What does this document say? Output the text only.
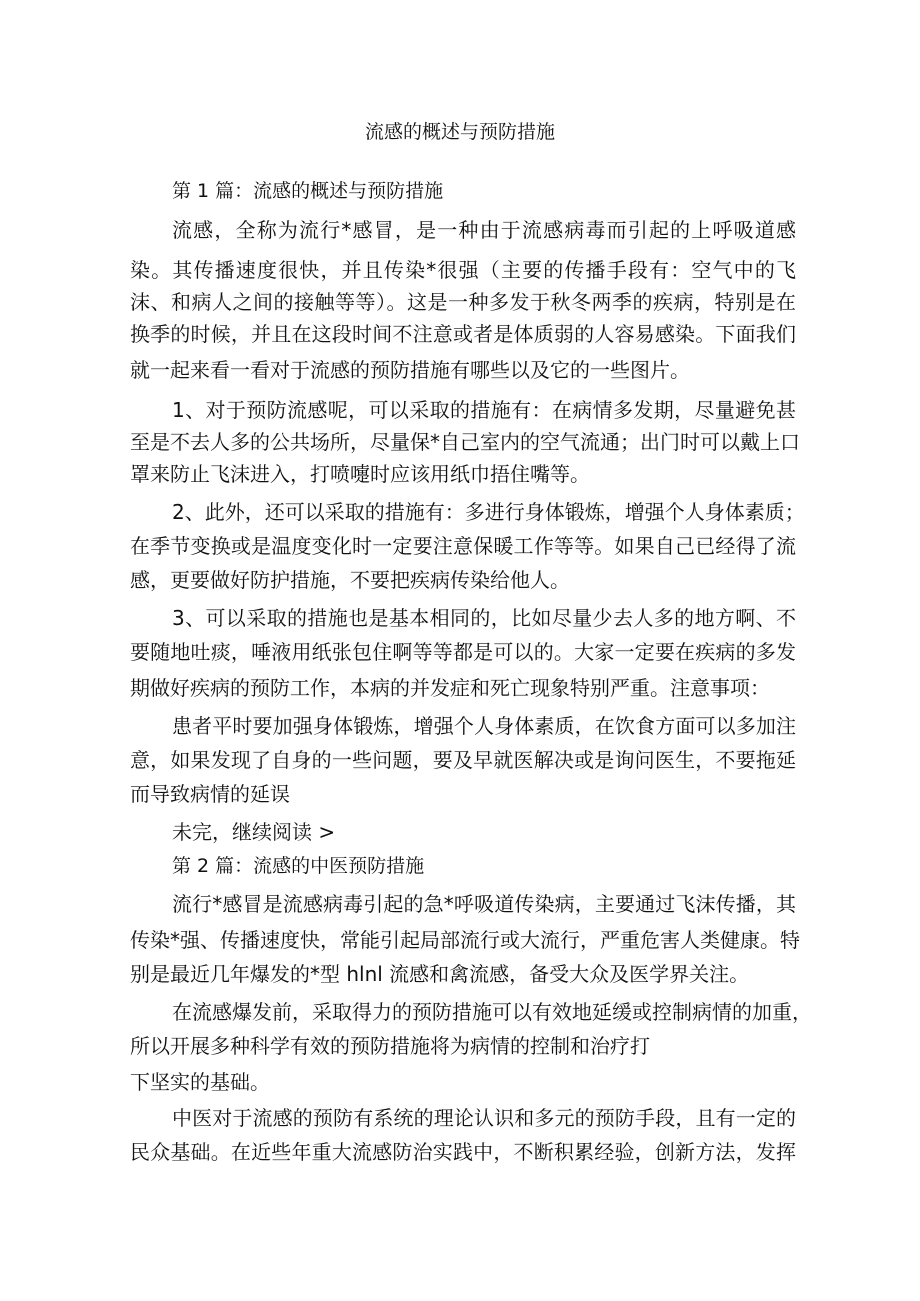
流感的概述与预防措施
第 1 篇：流感的概述与预防措施
流感，全称为流行*感冒，是一种由于流感病毒而引起的上呼吸道感
染。其传播速度很快，并且传染*很强（主要的传播手段有：空气中的飞
沫、和病人之间的接触等等）。这是一种多发于秋冬两季的疾病，特别是在
换季的时候，并且在这段时间不注意或者是体质弱的人容易感染。下面我们
就一起来看一看对于流感的预防措施有哪些以及它的一些图片。
1、对于预防流感呢，可以采取的措施有：在病情多发期，尽量避免甚
至是不去人多的公共场所，尽量保*自己室内的空气流通；出门时可以戴上口
罩来防止飞沫进入，打喷嚏时应该用纸巾捂住嘴等。
2、此外，还可以采取的措施有：多进行身体锻炼，增强个人身体素质；
在季节变换或是温度变化时一定要注意保暖工作等等。如果自己已经得了流
感，更要做好防护措施，不要把疾病传染给他人。
3、可以采取的措施也是基本相同的，比如尽量少去人多的地方啊、不
要随地吐痰，唾液用纸张包住啊等等都是可以的。大家一定要在疾病的多发
期做好疾病的预防工作，本病的并发症和死亡现象特别严重。注意事项：
患者平时要加强身体锻炼，增强个人身体素质，在饮食方面可以多加注
意，如果发现了自身的一些问题，要及早就医解决或是询问医生，不要拖延
而导致病情的延误
未完，继续阅读 >
第 2 篇：流感的中医预防措施
流行*感冒是流感病毒引起的急*呼吸道传染病，主要通过飞沫传播，其
传染*强、传播速度快，常能引起局部流行或大流行，严重危害人类健康。特
别是最近几年爆发的*型 hlnl 流感和禽流感，备受大众及医学界关注。
在流感爆发前，采取得力的预防措施可以有效地延缓或控制病情的加重，
所以开展多种科学有效的预防措施将为病情的控制和治疗打
下坚实的基础。
中医对于流感的预防有系统的理论认识和多元的预防手段，且有一定的
民众基础。在近些年重大流感防治实践中，不断积累经验，创新方法，发挥
